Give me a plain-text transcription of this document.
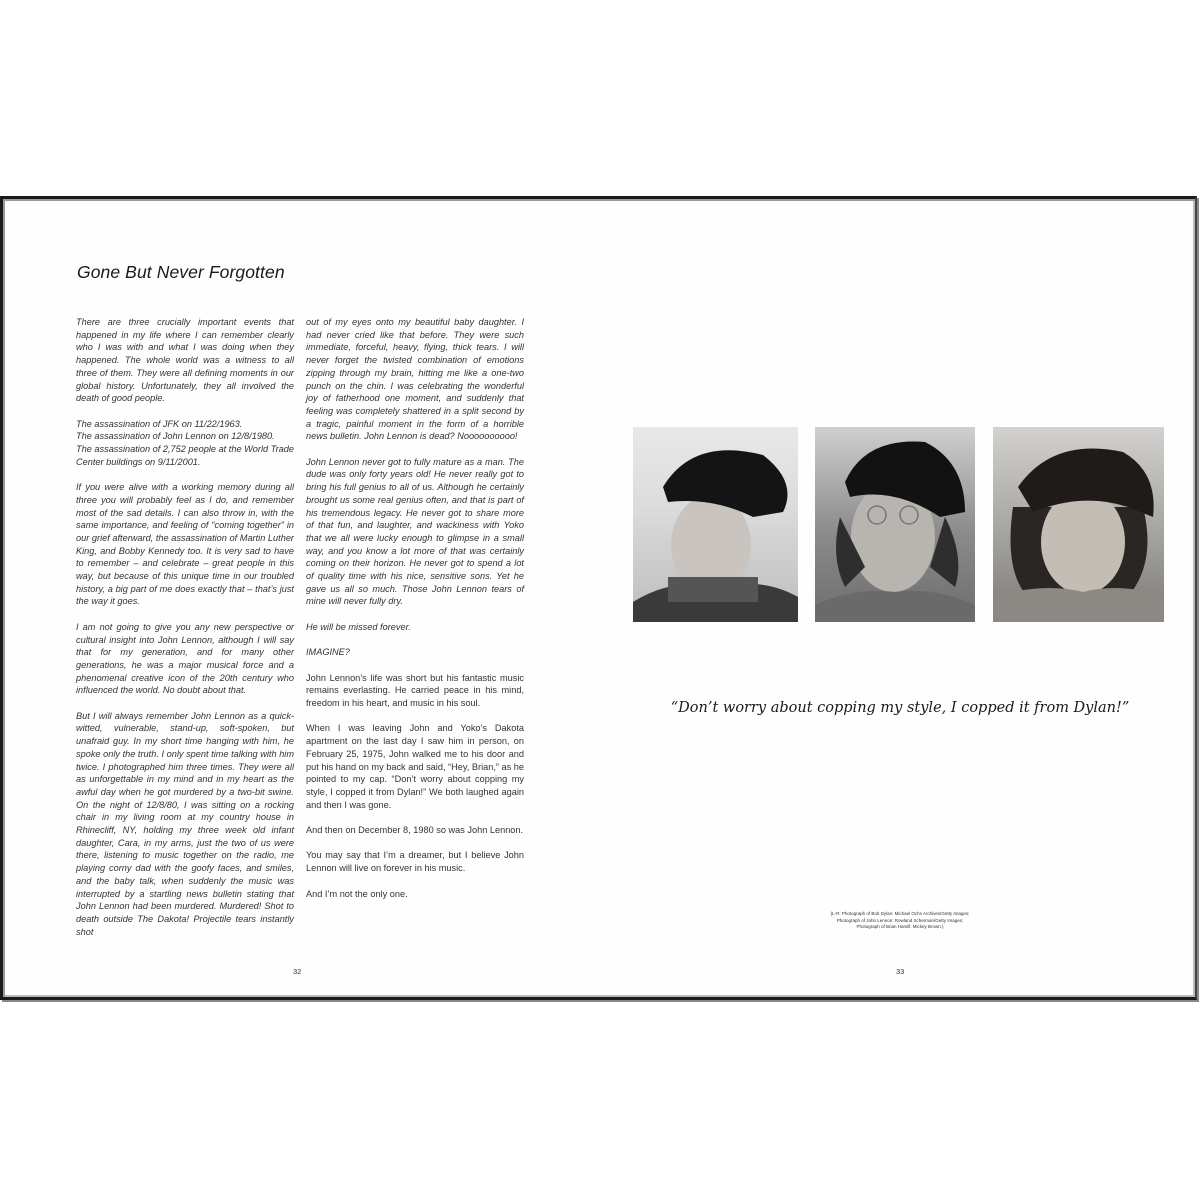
Gone But Never Forgotten

There are three crucially important events that happened in my life where I can remember clearly who I was with and what I was doing when they happened. The whole world was a witness to all three of them. They were all defining moments in our global history. Unfortunately, they all involved the death of good people.

The assassination of JFK on 11/22/1963.
The assassination of John Lennon on 12/8/1980.

The assassination of 2,752 people at the World Trade Center buildings on 9/11/2001.

If you were alive with a working memory during all three you will probably feel as I do, and remember most of the sad details. I can also throw in, with the same importance, and feeling of “coming together” in our grief afterward, the assassination of Martin Luther King, and Bobby Kennedy too. It is very sad to have to remember – and celebrate – great people in this way, but because of this unique time in our troubled history, a big part of me does exactly that – that’s just the way it goes.

I am not going to give you any new perspective or cultural insight into John Lennon, although I will say that for my generation, and for many other generations, he was a major musical force and a phenomenal creative icon of the 20th century who influenced the world. No doubt about that.

But I will always remember John Lennon as a quick-witted, vulnerable, stand-up, soft-spoken, but unafraid guy. In my short time hanging with him, he spoke only the truth. I only spent time talking with him twice. I photographed him three times. They were all as unforgettable in my mind and in my heart as the awful day when he got murdered by a two-bit swine. On the night of 12/8/80, I was sitting on a rocking chair in my living room at my country house in Rhinecliff, NY, holding my three week old infant daughter, Cara, in my arms, just the two of us were there, listening to music together on the radio, me playing corny dad with the goofy faces, and smiles, and the baby talk, when suddenly the music was interrupted by a startling news bulletin stating that John Lennon had been murdered. Murdered! Shot to death outside The Dakota! Projectile tears instantly shot

out of my eyes onto my beautiful baby daughter. I had never cried like that before. They were such immediate, forceful, heavy, flying, thick tears. I will never forget the twisted combination of emotions zipping through my brain, hitting me like a one-two punch on the chin. I was celebrating the wonderful joy of fatherhood one moment, and suddenly that feeling was completely shattered in a split second by a tragic, painful moment in the form of a horrible news bulletin. John Lennon is dead? Noooooooooo!

John Lennon never got to fully mature as a man. The dude was only forty years old! He never really got to bring his full genius to all of us. Although he certainly brought us some real genius often, and that is part of his tremendous legacy. He never got to share more of that fun, and laughter, and wackiness with Yoko that we all were lucky enough to glimpse in a small way, and you know a lot more of that was certainly coming on their horizon. He never got to spend a lot of quality time with his nice, sensitive sons. Yet he gave us all so much. Those John Lennon tears of mine will never fully dry.

He will be missed forever.

IMAGINE?

John Lennon’s life was short but his fantastic music remains everlasting. He carried peace in his mind, freedom in his heart, and music in his soul.

When I was leaving John and Yoko’s Dakota apartment on the last day I saw him in person, on February 25, 1975, John walked me to his door and put his hand on my back and said, “Hey, Brian,” as he pointed to my cap. “Don’t worry about copping my style, I copped it from Dylan!” We both laughed again and then I was gone.

And then on December 8, 1980 so was John Lennon.

You may say that I’m a dreamer, but I believe John Lennon will live on forever in his music.

And I’m not the only one.

32

“Don’t worry about copping my style, I copped it from Dylan!”

(L-R: Photograph of Bob Dylan: Michael Ochs Archives/Getty Images;
Photograph of John Lennon: Rowland Scherman/Getty Images;
Photograph of Brian Hamill: Mickey Brown.)
33
